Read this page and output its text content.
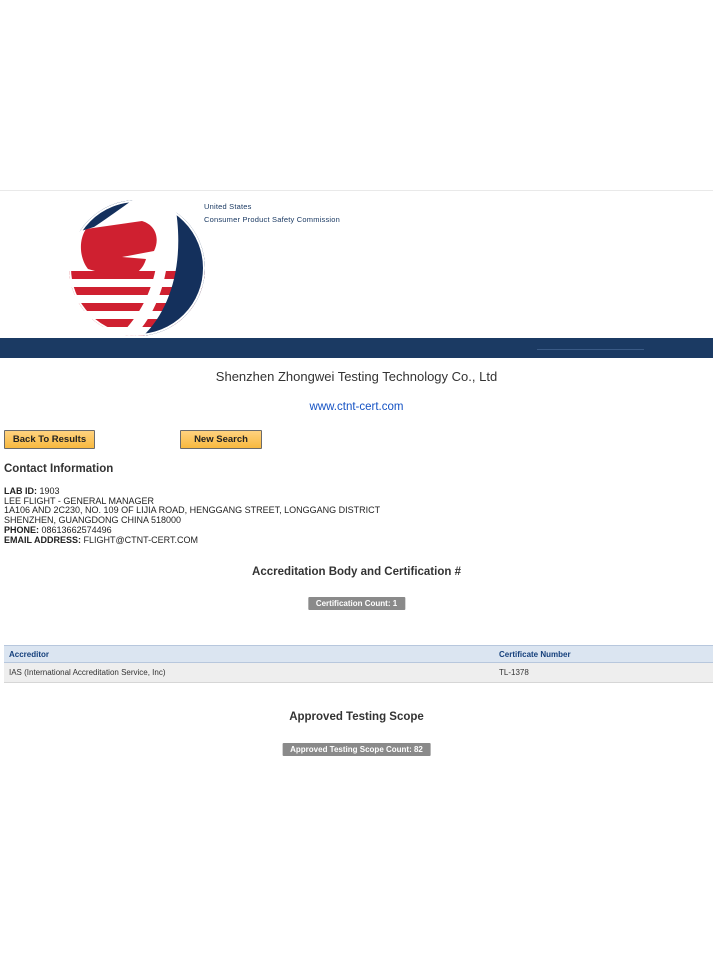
United States
Consumer Product Safety Commission
Shenzhen Zhongwei Testing Technology Co., Ltd
www.ctnt-cert.com
Back To Results	New Search
Contact Information
LAB ID: 1903
LEE FLIGHT - GENERAL MANAGER
1A106 AND 2C230, NO. 109 OF LIJIA ROAD, HENGGANG STREET, LONGGANG DISTRICT
SHENZHEN, GUANGDONG CHINA 518000
PHONE: 08613662574496
EMAIL ADDRESS: FLIGHT@CTNT-CERT.COM
Accreditation Body and Certification #
Certification Count: 1
Accreditor	Certificate Number
IAS (International Accreditation Service, Inc)	TL-1378
Approved Testing Scope
Approved Testing Scope Count: 82
